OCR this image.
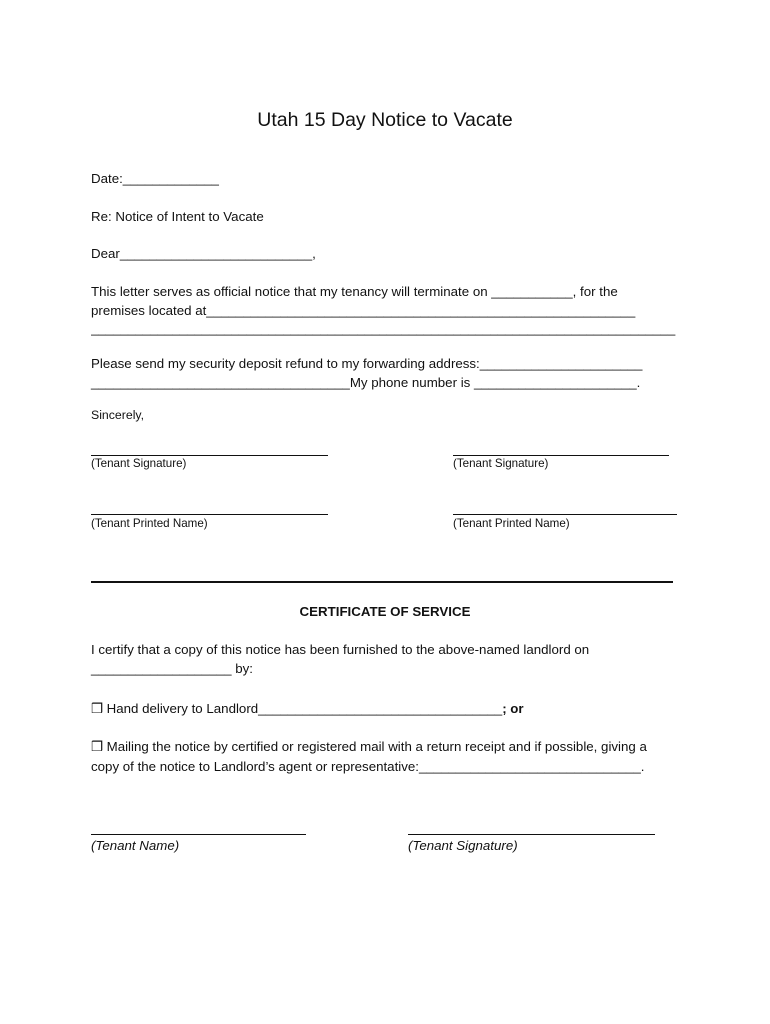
Utah 15 Day Notice to Vacate
Date:_____________
Re: Notice of Intent to Vacate
Dear__________________________,
This letter serves as official notice that my tenancy will terminate on ___________, for the
premises located at__________________________________________________________
_______________________________________________________________________________
Please send my security deposit refund to my forwarding address:______________________
___________________________________My phone number is ______________________.
Sincerely,
(Tenant Signature)	(Tenant Signature)
(Tenant Printed Name)	(Tenant Printed Name)
CERTIFICATE OF SERVICE
I certify that a copy of this notice has been furnished to the above-named landlord on
___________________ by:
❒ Hand delivery to Landlord_________________________________; or
❒ Mailing the notice by certified or registered mail with a return receipt and if possible, giving a
copy of the notice to Landlord’s agent or representative:______________________________.
(Tenant Name)	(Tenant Signature)
